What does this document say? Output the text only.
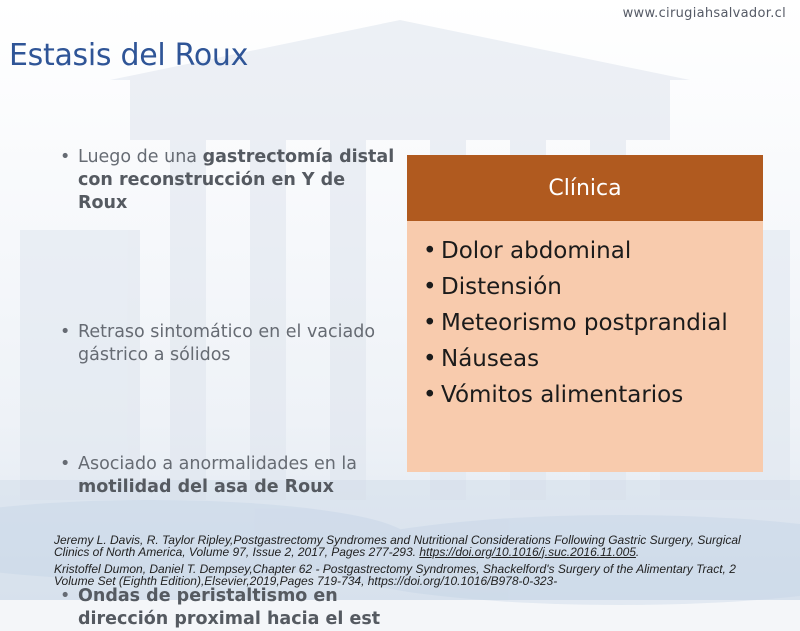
www.cirugiahsalvador.cl
Estasis del Roux
• Luego de una gastrectomía distal con reconstrucción en Y de Roux
• Retraso sintomático en el vaciado gástrico a sólidos
• Asociado a anormalidades en la motilidad del asa de Roux
• Ondas de peristaltismo en dirección proximal hacia el est
Clínica
• Dolor abdominal
• Distensión
• Meteorismo postprandial
• Náuseas
• Vómitos alimentarios

Jeremy L. Davis, R. Taylor Ripley,Postgastrectomy Syndromes and Nutritional Considerations Following Gastric Surgery, Surgical Clinics of North America, Volume 97, Issue 2, 2017, Pages 277-293. https://doi.org/10.1016/j.suc.2016.11.005.

Kristoffel Dumon, Daniel T. Dempsey,Chapter 62 - Postgastrectomy Syndromes, Shackelford's Surgery of the Alimentary Tract, 2 Volume Set (Eighth Edition),Elsevier,2019,Pages 719-734, https://doi.org/10.1016/B978-0-323-
